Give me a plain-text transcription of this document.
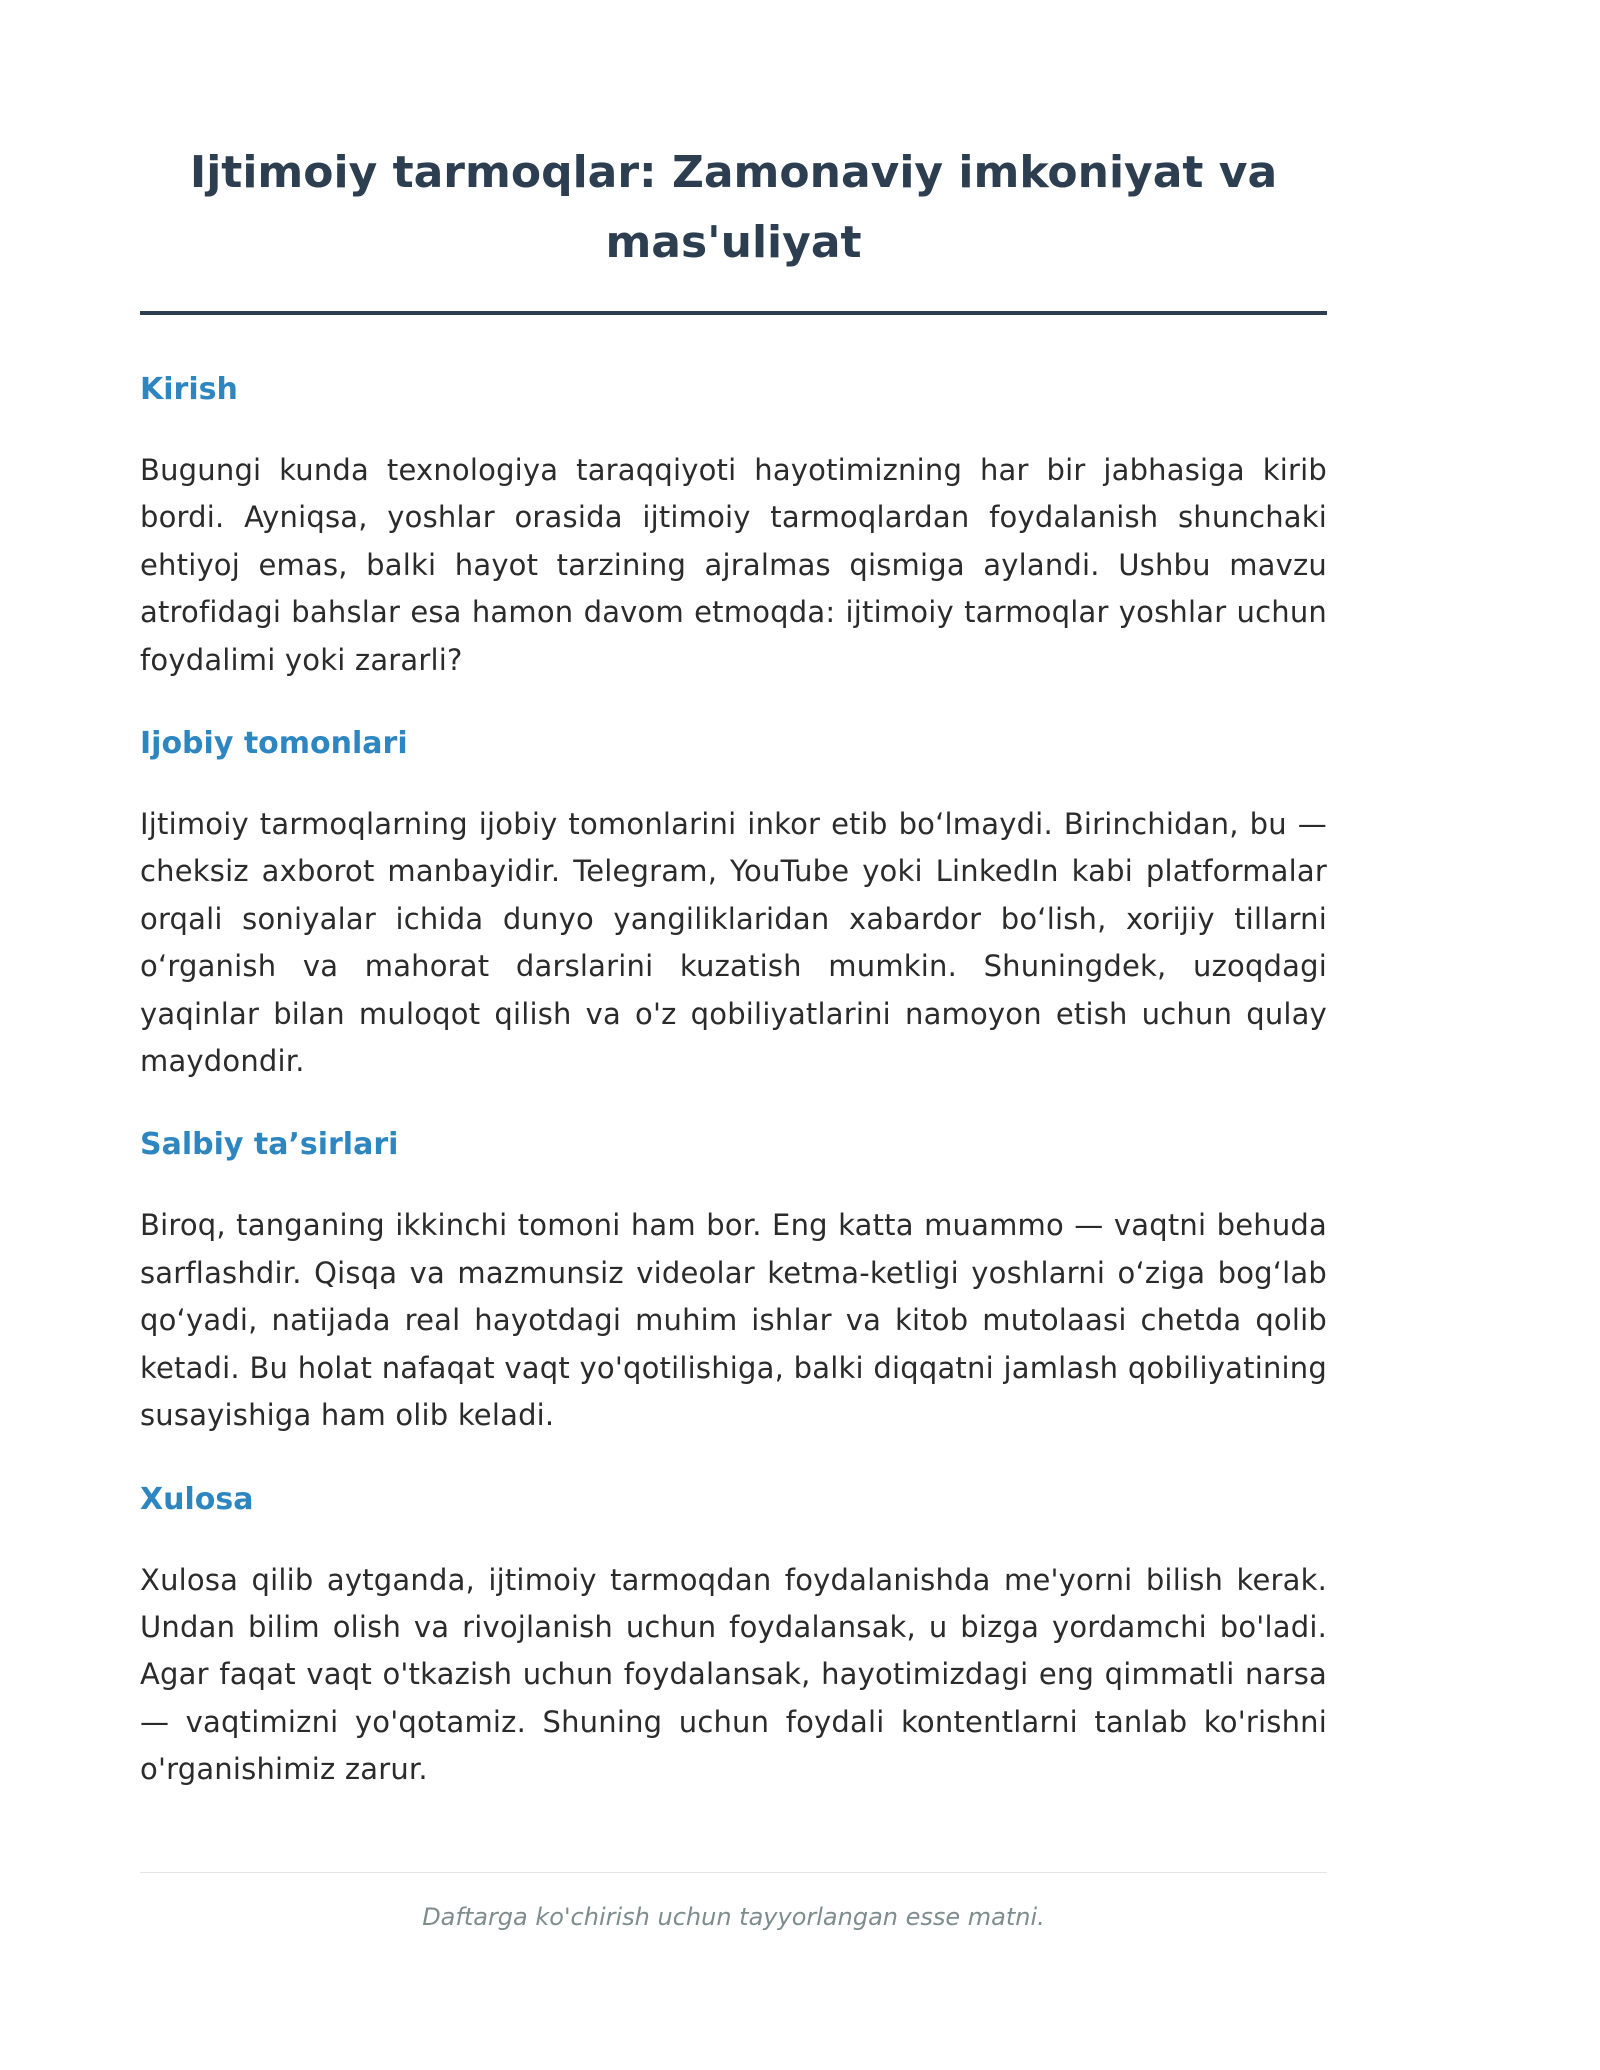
Ijtimoiy tarmoqlar: Zamonaviy imkoniyat va mas'uliyat
Kirish

Bugungi kunda texnologiya taraqqiyoti hayotimizning har bir jabhasiga kirib bordi. Ayniqsa, yoshlar orasida ijtimoiy tarmoqlardan foydalanish shunchaki ehtiyoj emas, balki hayot tarzining ajralmas qismiga aylandi. Ushbu mavzu atrofidagi bahslar esa hamon davom etmoqda: ijtimoiy tarmoqlar yoshlar uchun foydalimi yoki zararli?

Ijobiy tomonlari

Ijtimoiy tarmoqlarning ijobiy tomonlarini inkor etib bo‘lmaydi. Birinchidan, bu — cheksiz axborot manbayidir. Telegram, YouTube yoki LinkedIn kabi platformalar orqali soniyalar ichida dunyo yangiliklaridan xabardor bo‘lish, xorijiy tillarni o‘rganish va mahorat darslarini kuzatish mumkin. Shuningdek, uzoqdagi yaqinlar bilan muloqot qilish va o'z qobiliyatlarini namoyon etish uchun qulay maydondir.

Salbiy ta’sirlari

Biroq, tanganing ikkinchi tomoni ham bor. Eng katta muammo — vaqtni behuda sarflashdir. Qisqa va mazmunsiz videolar ketma-ketligi yoshlarni o‘ziga bog‘lab qo‘yadi, natijada real hayotdagi muhim ishlar va kitob mutolaasi chetda qolib ketadi. Bu holat nafaqat vaqt yo'qotilishiga, balki diqqatni jamlash qobiliyatining susayishiga ham olib keladi.

Xulosa

Xulosa qilib aytganda, ijtimoiy tarmoqdan foydalanishda me'yorni bilish kerak. Undan bilim olish va rivojlanish uchun foydalansak, u bizga yordamchi bo'ladi. Agar faqat vaqt o'tkazish uchun foydalansak, hayotimizdagi eng qimmatli narsa — vaqtimizni yo'qotamiz. Shuning uchun foydali kontentlarni tanlab ko'rishni o'rganishimiz zarur.

Daftarga ko'chirish uchun tayyorlangan esse matni.
